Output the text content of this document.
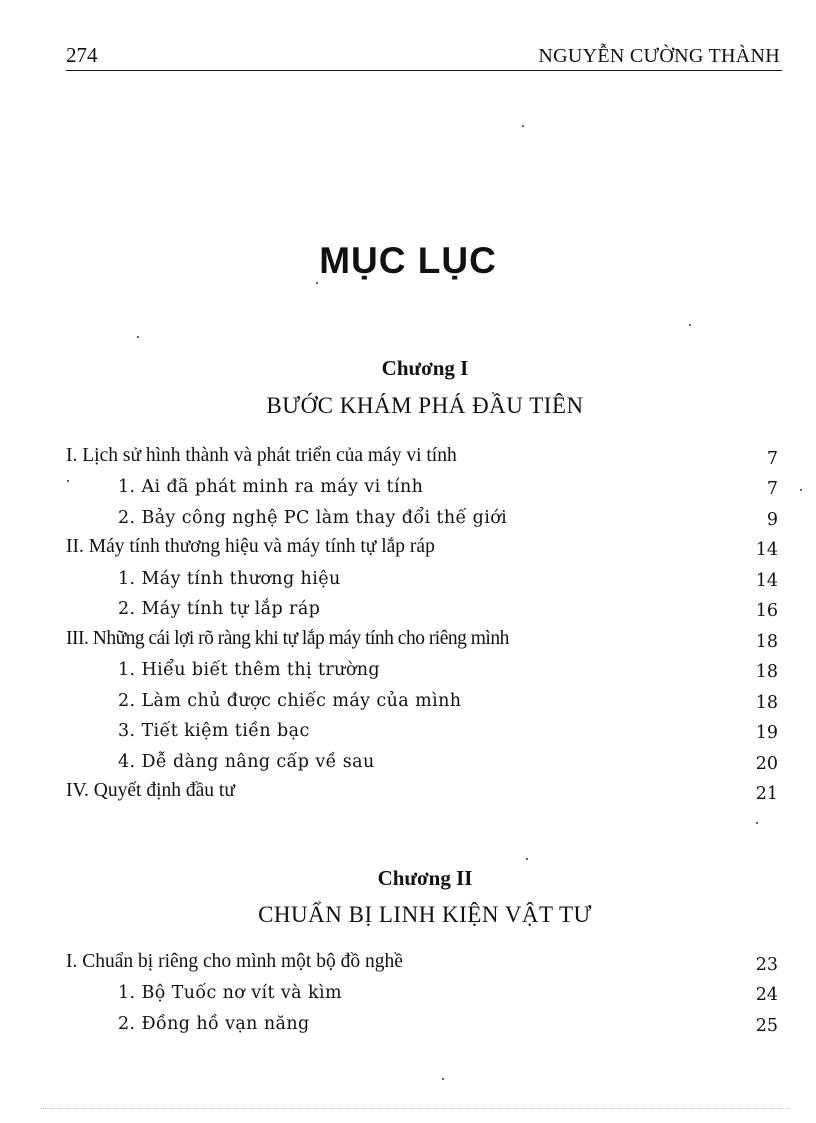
274	NGUYỄN CƯỜNG THÀNH
MỤC LỤC
Chương I
BƯỚC KHÁM PHÁ ĐẦU TIÊN
I. Lịch sử hình thành và phát triển của máy vi tính	7
1. Ai đã phát minh ra máy vi tính	7
2. Bảy công nghệ PC làm thay đổi thế giới	9
II. Máy tính thương hiệu và máy tính tự lắp ráp	14
1. Máy tính thương hiệu	14
2. Máy tính tự lắp ráp	16
III. Những cái lợi rõ ràng khi tự lắp máy tính cho riêng mình	18
1. Hiểu biết thêm thị trường	18
2. Làm chủ được chiếc máy của mình	18
3. Tiết kiệm tiền bạc	19
4. Dễ dàng nâng cấp về sau	20
IV. Quyết định đầu tư	21
Chương II
CHUẨN BỊ LINH KIỆN VẬT TƯ
I. Chuẩn bị riêng cho mình một bộ đồ nghề	23
1. Bộ Tuốc nơ vít và kìm	24
2. Đồng hồ vạn năng	25
